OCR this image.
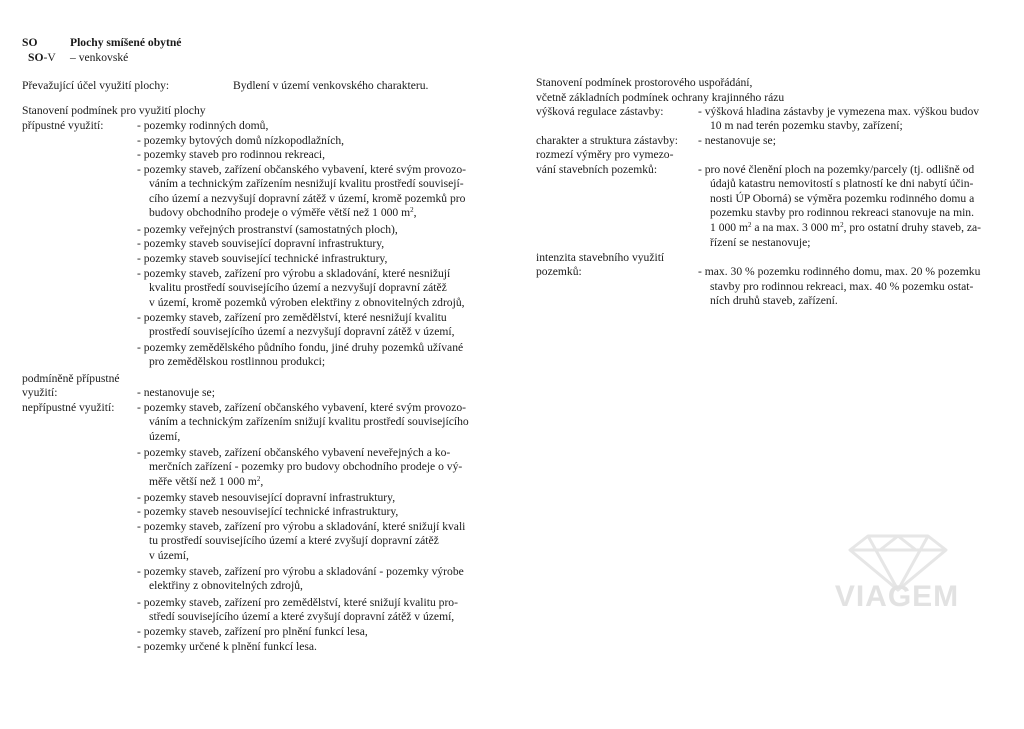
SO	Plochy smíšené obytné
SO-V – venkovské
Převažující účel využití plochy:	Bydlení v území venkovského charakteru.
Stanovení podmínek pro využití plochy
přípustné využití:	- pozemky rodinných domů,
- pozemky bytových domů nízkopodlažních,
- pozemky staveb pro rodinnou rekreaci,
- pozemky staveb, zařízení občanského vybavení, které svým provozo-
váním a technickým zařízením nesnižují kvalitu prostředí souvisejí-
cího území a nezvyšují dopravní zátěž v území, kromě pozemků pro
budovy obchodního prodeje o výměře větší než 1 000 $m^2$,
- pozemky veřejných prostranství (samostatných ploch),
- pozemky staveb související dopravní infrastruktury,
- pozemky staveb související technické infrastruktury,
- pozemky staveb, zařízení pro výrobu a skladování, které nesnižují
kvalitu prostředí souvisejícího území a nezvyšují dopravní zátěž
v území, kromě pozemků výroben elektřiny z obnovitelných zdrojů,
- pozemky staveb, zařízení pro zemědělství, které nesnižují kvalitu
prostředí souvisejícího území a nezvyšují dopravní zátěž v území,
- pozemky zemědělského půdního fondu, jiné druhy pozemků užívané
pro zemědělskou rostlinnou produkci;
podmíněně přípustné
využití:	- nestanovuje se;
nepřípustné využití: - pozemky staveb, zařízení občanského vybavení, které svým provozo-
váním a technickým zařízením snižují kvalitu prostředí souvisejícího
území,
- pozemky staveb, zařízení občanského vybavení neveřejných a ko-
merčních zařízení - pozemky pro budovy obchodního prodeje o vý-
měře větší než 1 000 $m^2$,
- pozemky staveb nesouvisející dopravní infrastruktury,
- pozemky staveb nesouvisející technické infrastruktury,
- pozemky staveb, zařízení pro výrobu a skladování, které snižují kvali
tu prostředí souvisejícího území a které zvyšují dopravní zátěž
v území,
- pozemky staveb, zařízení pro výrobu a skladování - pozemky výrobe
elektřiny z obnovitelných zdrojů,
- pozemky staveb, zařízení pro zemědělství, které snižují kvalitu pro-
středí souvisejícího území a které zvyšují dopravní zátěž v území,
- pozemky staveb, zařízení pro plnění funkcí lesa,
- pozemky určené k plnění funkcí lesa.
Stanovení podmínek prostorového uspořádání,
včetně základních podmínek ochrany krajinného rázu
výšková regulace zástavby:	- výšková hladina zástavby je vymezena max. výškou budov
10 m nad terén pozemku stavby, zařízení;
charakter a struktura zástavby: - nestanovuje se;
rozmezí výměry pro vymezo-
vání stavebních pozemků:	- pro nové členění ploch na pozemky/parcely (tj. odlišně od
údajů katastru nemovitostí s platností ke dni nabytí účin-
nosti ÚP Oborná) se výměra pozemku rodinného domu a
pozemku stavby pro rodinnou rekreaci stanovuje na min.
1 000 $m^2$ a na max. 3 000 $m^2$, pro ostatní druhy staveb, za-
řízení se nestanovuje;
intenzita stavebního využití
pozemků:	- max. 30 % pozemku rodinného domu, max. 20 % pozemku
stavby pro rodinnou rekreaci, max. 40 % pozemku ostat-
ních druhů staveb, zařízení.
VIAGEM
